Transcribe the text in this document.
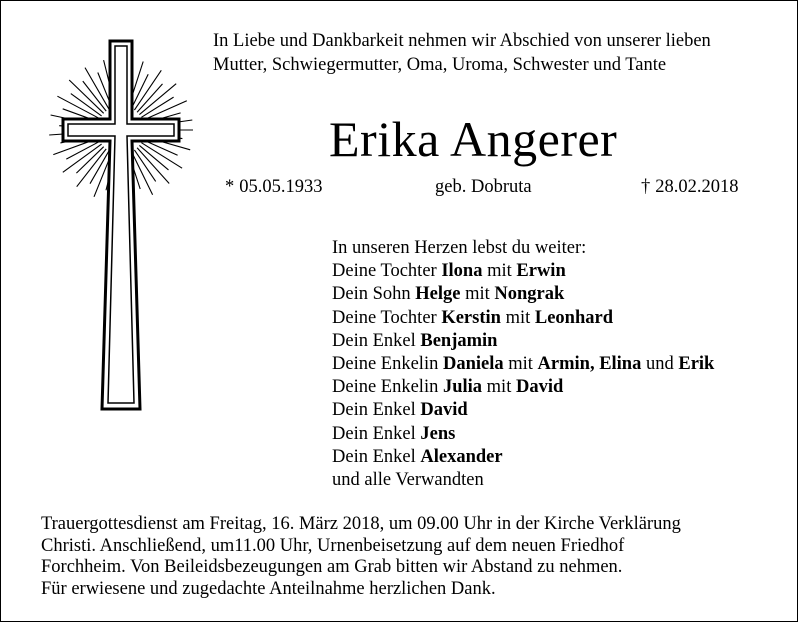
In Liebe und Dankbarkeit nehmen wir Abschied von unserer lieben
Mutter, Schwiegermutter, Oma, Uroma, Schwester und Tante
Erika Angerer
* 05.05.1933	geb. Dobruta	† 28.02.2018
In unseren Herzen lebst du weiter:
Deine Tochter Ilona mit Erwin
Dein Sohn Helge mit Nongrak
Deine Tochter Kerstin mit Leonhard
Dein Enkel Benjamin
Deine Enkelin Daniela mit Armin, Elina und Erik
Deine Enkelin Julia mit David
Dein Enkel David
Dein Enkel Jens
Dein Enkel Alexander
und alle Verwandten
Trauergottesdienst am Freitag, 16. März 2018, um 09.00 Uhr in der Kirche Verklärung
Christi. Anschließend, um11.00 Uhr, Urnenbeisetzung auf dem neuen Friedhof
Forchheim. Von Beileidsbezeugungen am Grab bitten wir Abstand zu nehmen.
Für erwiesene und zugedachte Anteilnahme herzlichen Dank.
